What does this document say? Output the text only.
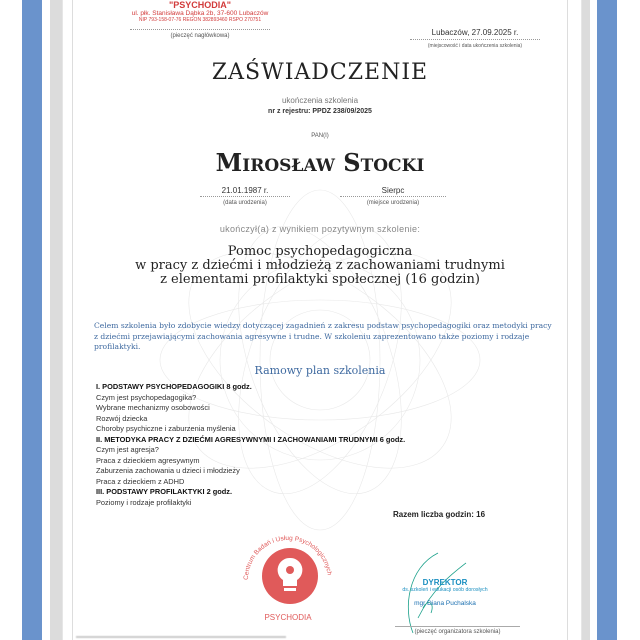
"PSYCHODIA"
ul. płk. Stanisława Dąbka 2b, 37-600 Lubaczów
NIP 793-158-07-76 REGON 382893460 RSPO 270751
(pieczęć nagłówkowa)	Lubaczów, 27.09.2025 r.
(miejscowość i data ukończenia szkolenia)
ZAŚWIADCZENIE
ukończenia szkolenia
nr z rejestru: PPDZ 238/09/2025
PAN(I)
Mirosław Stocki
21.01.1987 r.
(data urodzenia)
Sierpc
(miejsce urodzenia)
ukończył(a) z wynikiem pozytywnym szkolenie:
Pomoc psychopedagogiczna
w pracy z dziećmi i młodzieżą z zachowaniami trudnymi
z elementami profilaktyki społecznej (16 godzin)
Celem szkolenia było zdobycie wiedzy dotyczącej zagadnień z zakresu podstaw psychopedagogiki oraz metodyki pracy z dziećmi przejawiającymi zachowania agresywne i trudne. W szkoleniu zaprezentowano także poziomy i rodzaje profilaktyki.
Ramowy plan szkolenia
I. PODSTAWY PSYCHOPEDAGOGIKI 8 godz.
Czym jest psychopedagogika?
Wybrane mechanizmy osobowości
Rozwój dziecka
Choroby psychiczne i zaburzenia myślenia
II. METODYKA PRACY Z DZIEĆMI AGRESYWNYMI I ZACHOWANIAMI TRUDNYMI 6 godz.
Czym jest agresja?
Praca z dzieckiem agresywnym
Zaburzenia zachowania u dzieci i młodzieży
Praca z dzieckiem z ADHD
III. PODSTAWY PROFILAKTYKI 2 godz.
Poziomy i rodzaje profilaktyki
Razem liczba godzin: 16
Centrum Badań i Usług Psychologicznych
PSYCHODIA
DYREKTOR
ds. szkoleń i edukacji osób dorosłych
mgr Diana Puchalska
(pieczęć organizatora szkolenia)
